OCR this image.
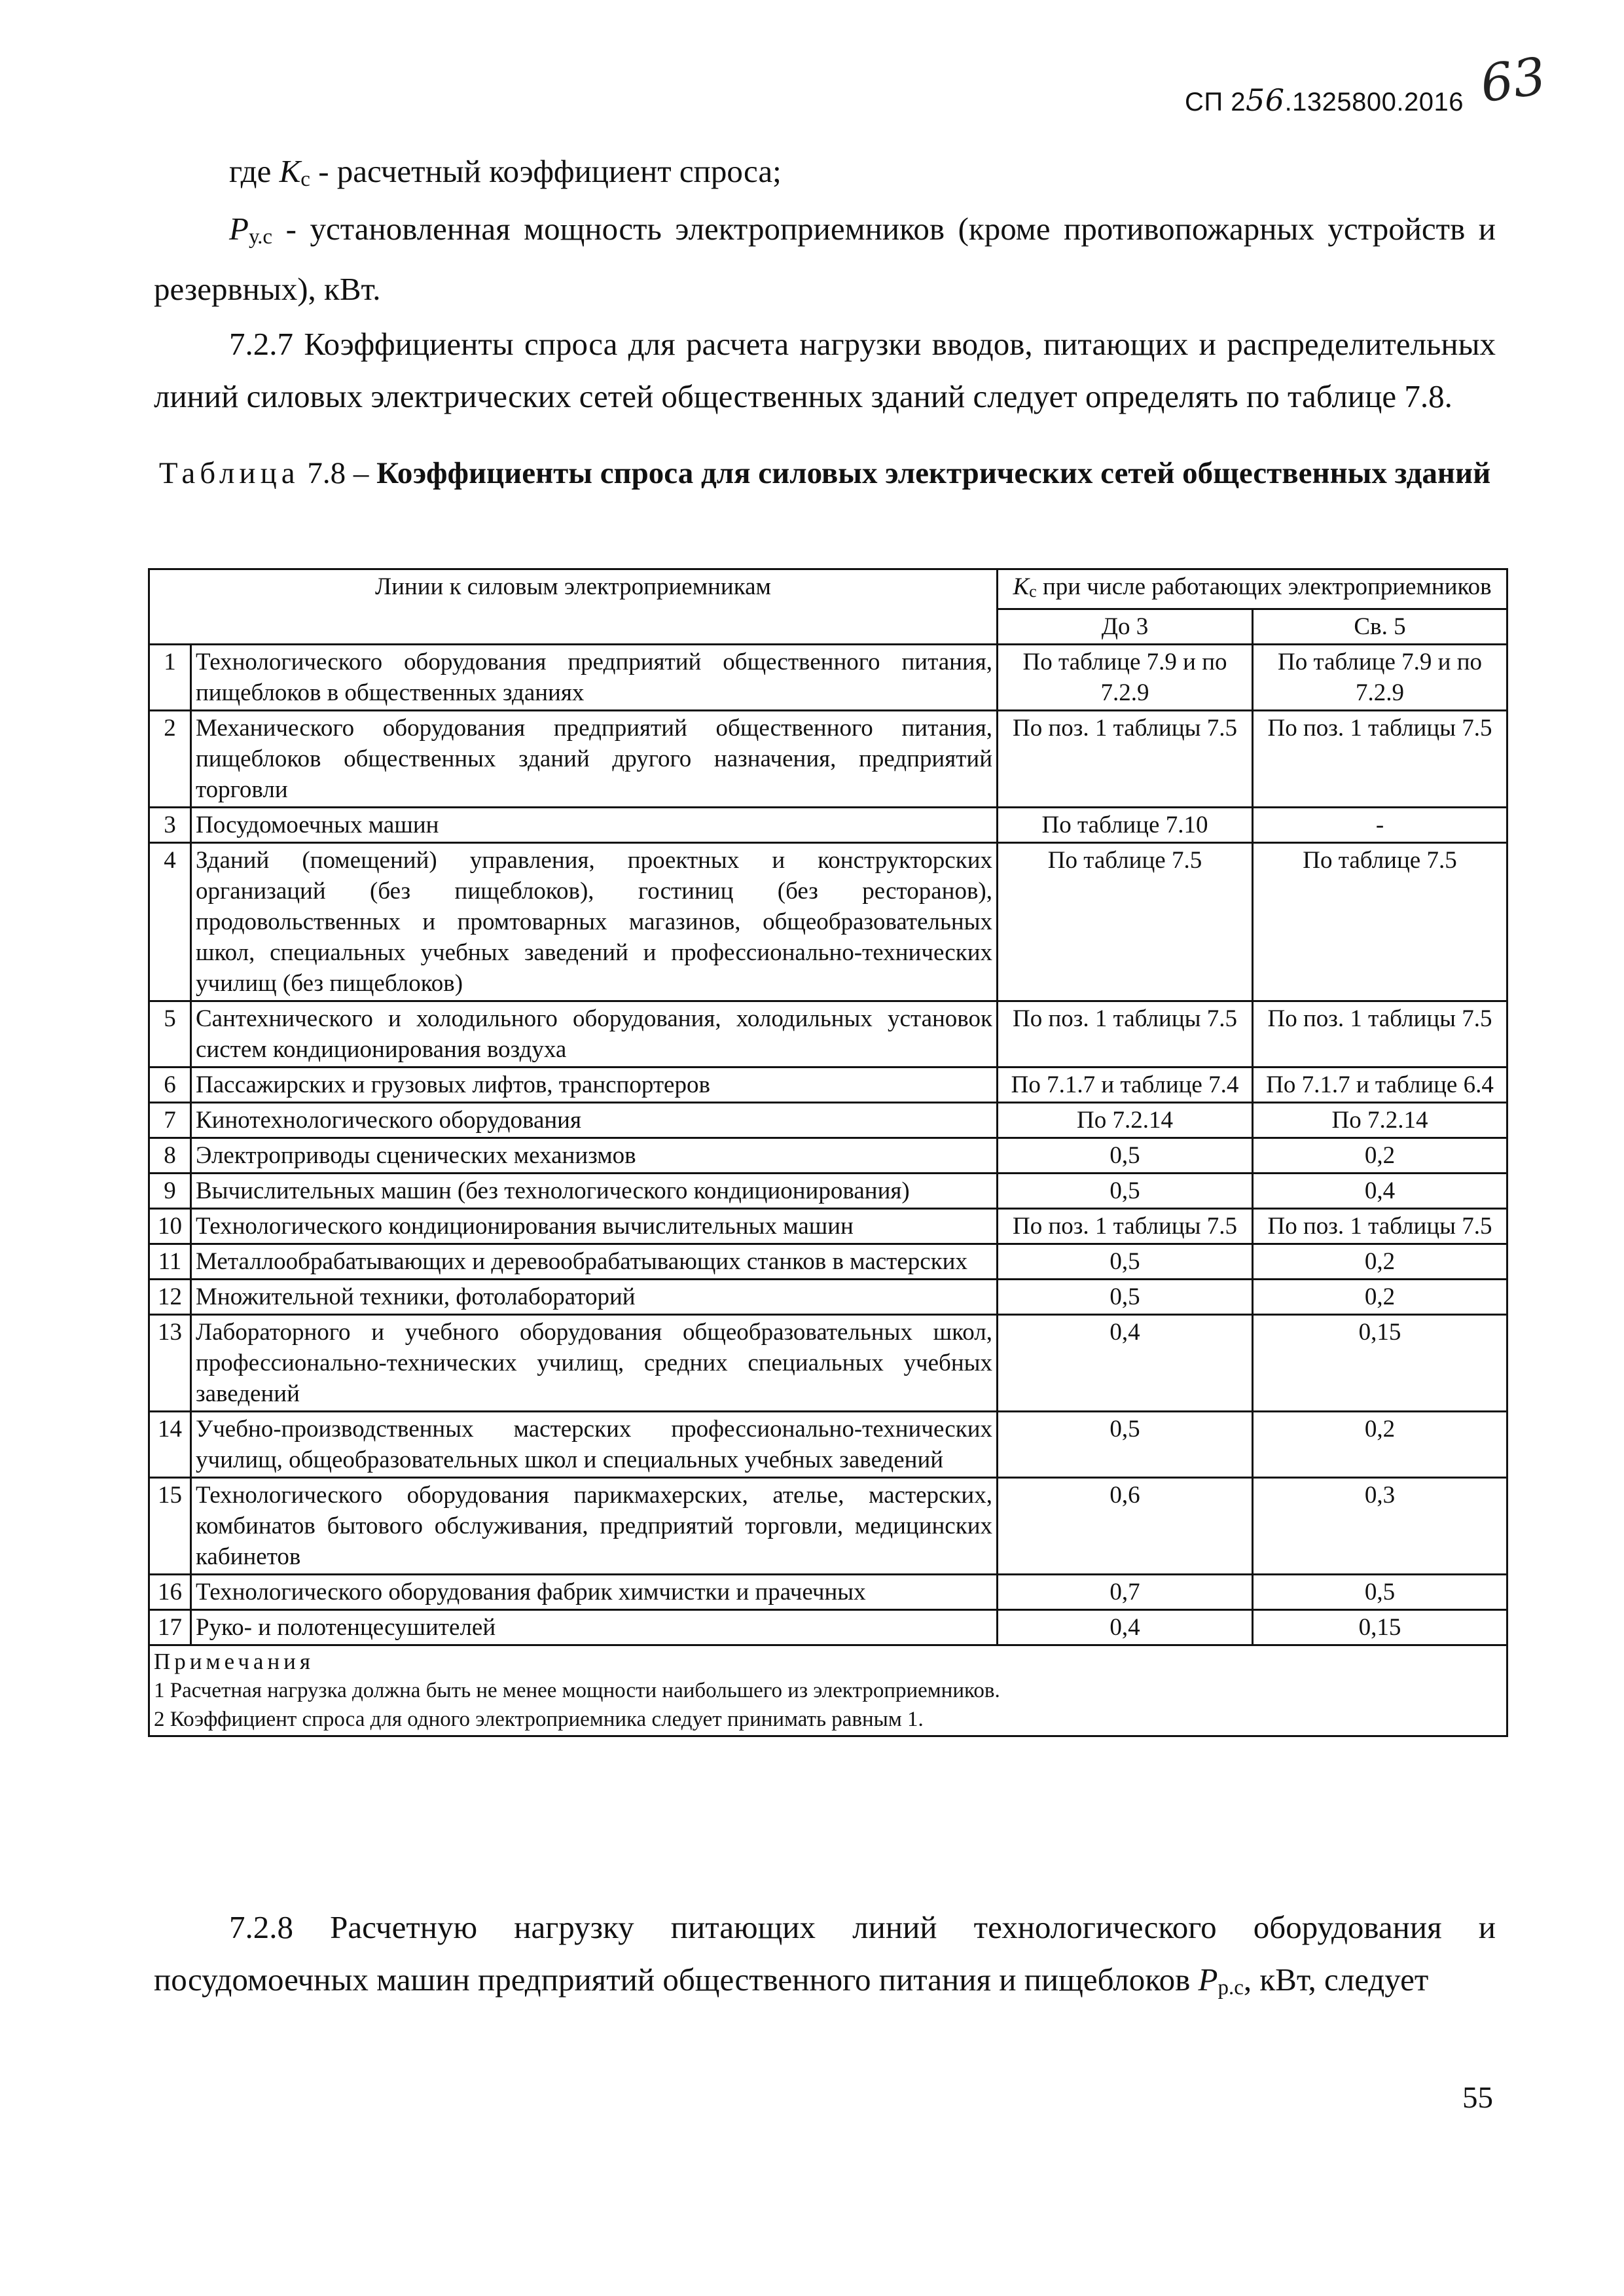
СП 256.1325800.2016 63
где Kc - расчетный коэффициент спроса;
Pу.с - установленная мощность электроприемников (кроме противопожарных устройств и резервных), кВт.
7.2.7 Коэффициенты спроса для расчета нагрузки вводов, питающих и распределительных линий силовых электрических сетей общественных зданий следует определять по таблице 7.8.
Таблица 7.8 – Коэффициенты спроса для силовых электрических сетей общественных зданий
Линии к силовым электроприемникам		Kс при числе работающих электроприемников	
		До 3	Св. 5
1	Технологического оборудования предприятий общественного питания, пищеблоков в общественных зданиях	По таблице 7.9 и по 7.2.9	По таблице 7.9 и по 7.2.9
2	Механического оборудования предприятий общественного питания, пищеблоков общественных зданий другого назначения, предприятий торговли	По поз. 1 таблицы 7.5	По поз. 1 таблицы 7.5
3	Посудомоечных машин	По таблице 7.10	-
4	Зданий (помещений) управления, проектных и конструкторских организаций (без пищеблоков), гостиниц (без ресторанов), продовольственных и промтоварных магазинов, общеобразовательных школ, специальных учебных заведений и профессионально-технических училищ (без пищеблоков)	По таблице 7.5	По таблице 7.5
5	Сантехнического и холодильного оборудования, холодильных установок систем кондиционирования воздуха	По поз. 1 таблицы 7.5	По поз. 1 таблицы 7.5
6	Пассажирских и грузовых лифтов, транспортеров	По 7.1.7 и таблице 7.4	По 7.1.7 и таблице 6.4
7	Кинотехнологического оборудования	По 7.2.14	По 7.2.14
8	Электроприводы сценических механизмов	0,5	0,2
9	Вычислительных машин (без технологического кондиционирования)	0,5	0,4
10	Технологического кондиционирования вычислительных машин	По поз. 1 таблицы 7.5	По поз. 1 таблицы 7.5
11	Металлообрабатывающих и деревообрабатывающих станков в мастерских	0,5	0,2
12	Множительной техники, фотолабораторий	0,5	0,2
13	Лабораторного и учебного оборудования общеобразовательных школ, профессионально-технических училищ, средних специальных учебных заведений	0,4	0,15
14	Учебно-производственных мастерских профессионально-технических училищ, общеобразовательных школ и специальных учебных заведений	0,5	0,2
15	Технологического оборудования парикмахерских, ателье, мастерских, комбинатов бытового обслуживания, предприятий торговли, медицинских кабинетов	0,6	0,3
16	Технологического оборудования фабрик химчистки и прачечных	0,7	0,5
17	Руко- и полотенцесушителей	0,4	0,15

Примечания
1 Расчетная нагрузка должна быть не менее мощности наибольшего из электроприемников.
2 Коэффициент спроса для одного электроприемника следует принимать равным 1.			
7.2.8 Расчетную нагрузку питающих линий технологического оборудования и посудомоечных машин предприятий общественного питания и пищеблоков Pр.с, кВт, следует
55
